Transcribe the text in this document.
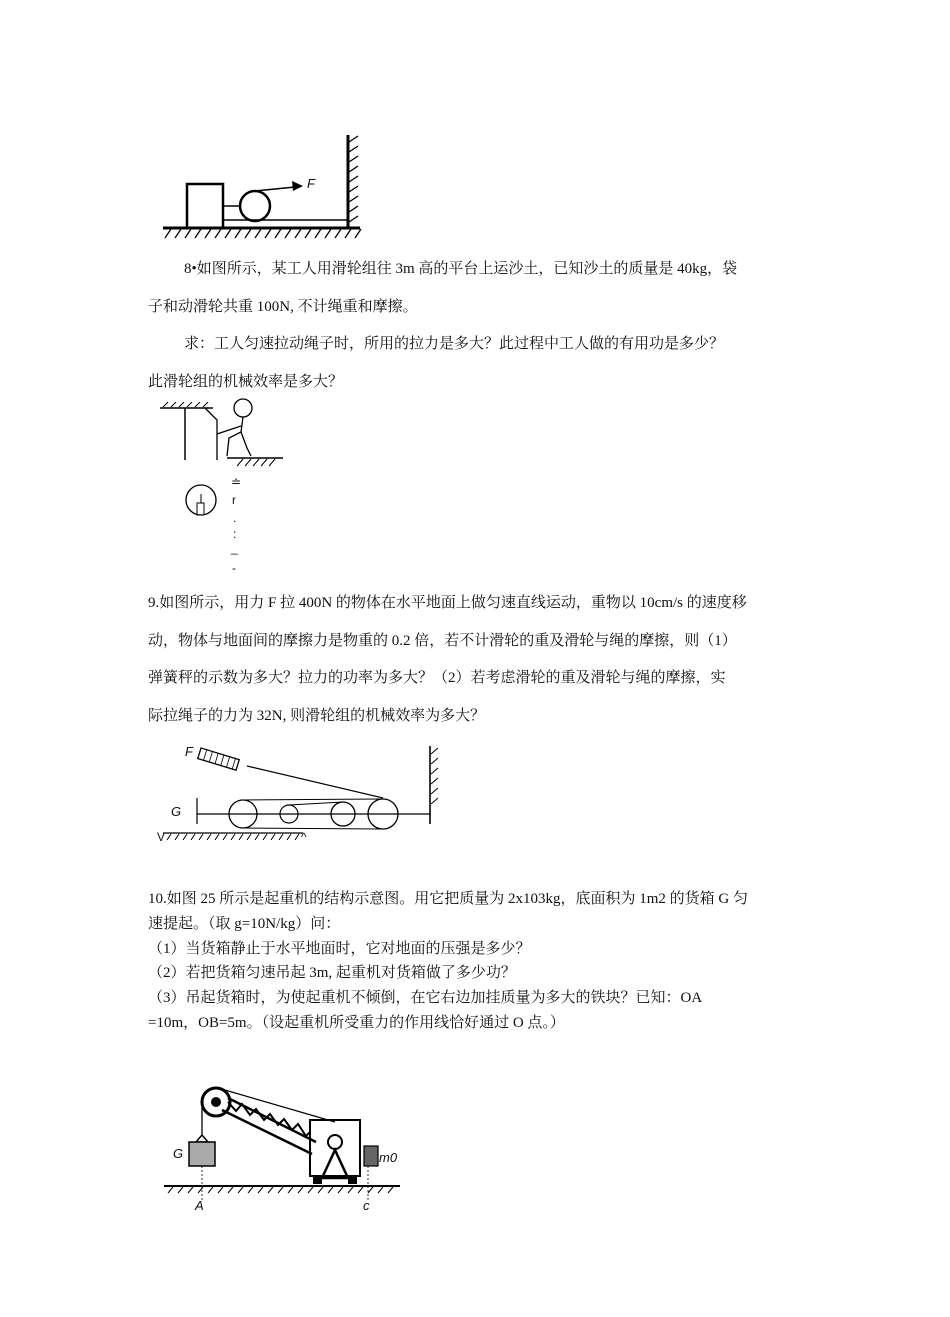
F
8•如图所示，某工人用滑轮组往 3m 高的平台上运沙土，已知沙土的质量是 40kg，袋
子和动滑轮共重 100N, 不计绳重和摩擦。
求：工人匀速拉动绳子时，所用的拉力是多大？此过程中工人做的有用功是多少？
此滑轮组的机械效率是多大？
≐
r
.
:
_
-
9.如图所示，用力 F 拉 400N 的物体在水平地面上做匀速直线运动，重物以 10cm/s 的速度移
动，物体与地面间的摩擦力是物重的 0.2 倍，若不计滑轮的重及滑轮与绳的摩擦，则（1）
弹簧秤的示数为多大？拉力的功率为多大？（2）若考虑滑轮的重及滑轮与绳的摩擦，实
际拉绳子的力为 32N, 则滑轮组的机械效率为多大？
F
G
V	^
10.如图 25 所示是起重机的结构示意图。用它把质量为 2x103kg，底面积为 1m2 的货箱 G 匀
速提起。（取 g=10N/kg）问：
（1）当货箱静止于水平地面时，它对地面的压强是多少？
（2）若把货箱匀速吊起 3m, 起重机对货箱做了多少功？
（3）吊起货箱时，为使起重机不倾倒，在它右边加挂质量为多大的铁块？已知：OA
=10m，OB=5m。（设起重机所受重力的作用线恰好通过 O 点。）
m0
G
A	c
